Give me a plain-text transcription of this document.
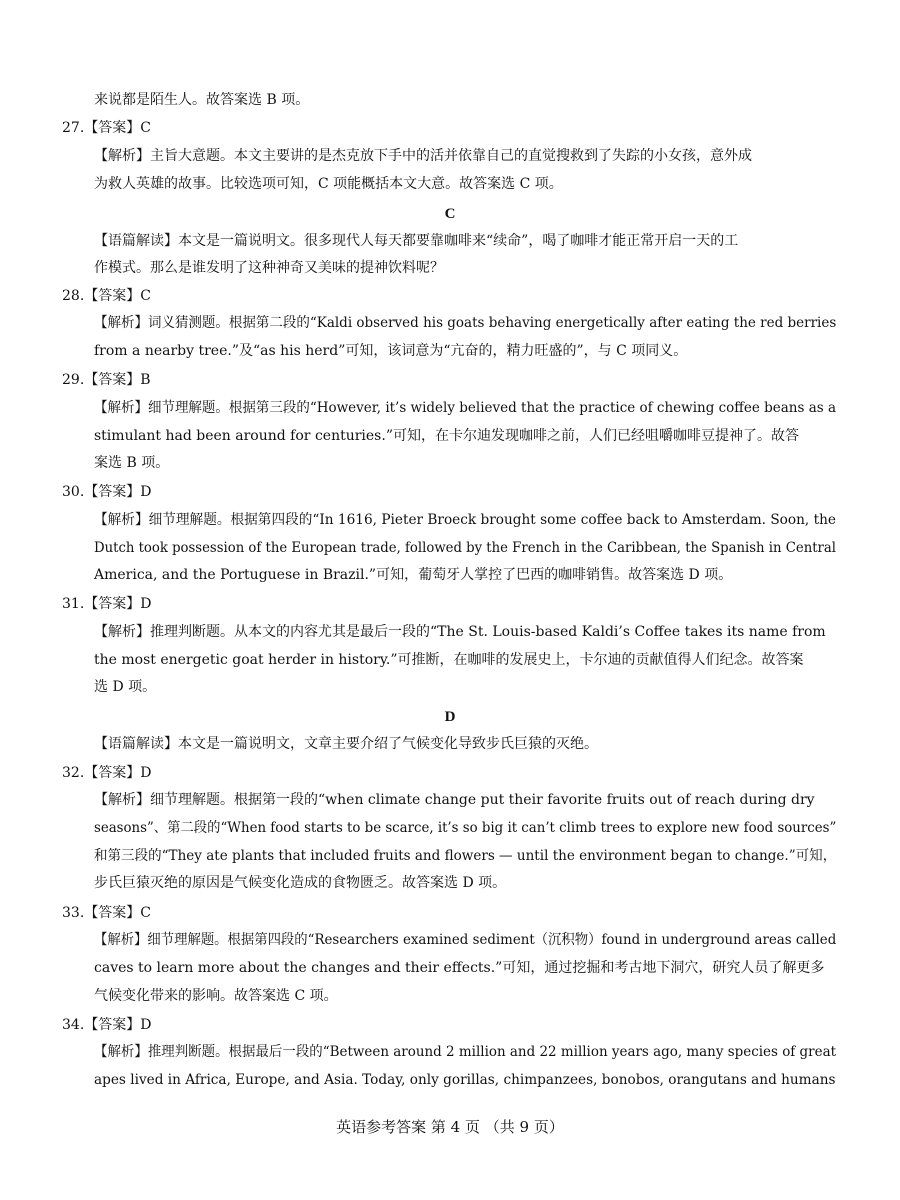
来说都是陌生人。故答案选 B 项。
27.【答案】C
【解析】主旨大意题。本文主要讲的是杰克放下手中的活并依靠自己的直觉搜救到了失踪的小女孩，意外成
为救人英雄的故事。比较选项可知，C 项能概括本文大意。故答案选 C 项。
C
【语篇解读】本文是一篇说明文。很多现代人每天都要靠咖啡来“续命”，喝了咖啡才能正常开启一天的工
作模式。那么是谁发明了这种神奇又美味的提神饮料呢？
28.【答案】C
【解析】词义猜测题。根据第二段的“Kaldi observed his goats behaving energetically after eating the red berries
from a nearby tree.”及“as his herd”可知，该词意为“亢奋的，精力旺盛的”，与 C 项同义。
29.【答案】B
【解析】细节理解题。根据第三段的“However, it’s widely believed that the practice of chewing coffee beans as a
stimulant had been around for centuries.”可知，在卡尔迪发现咖啡之前，人们已经咀嚼咖啡豆提神了。故答
案选 B 项。
30.【答案】D
【解析】细节理解题。根据第四段的“In 1616, Pieter Broeck brought some coffee back to Amsterdam. Soon, the
Dutch took possession of the European trade, followed by the French in the Caribbean, the Spanish in Central
America, and the Portuguese in Brazil.”可知，葡萄牙人掌控了巴西的咖啡销售。故答案选 D 项。
31.【答案】D
【解析】推理判断题。从本文的内容尤其是最后一段的“The St. Louis-based Kaldi’s Coffee takes its name from
the most energetic goat herder in history.”可推断，在咖啡的发展史上，卡尔迪的贡献值得人们纪念。故答案
选 D 项。
D
【语篇解读】本文是一篇说明文，文章主要介绍了气候变化导致步氏巨猿的灭绝。
32.【答案】D
【解析】细节理解题。根据第一段的“when climate change put their favorite fruits out of reach during dry
seasons”、第二段的“When food starts to be scarce, it’s so big it can’t climb trees to explore new food sources”
和第三段的“They ate plants that included fruits and flowers — until the environment began to change.”可知，
步氏巨猿灭绝的原因是气候变化造成的食物匮乏。故答案选 D 项。
33.【答案】C
【解析】细节理解题。根据第四段的“Researchers examined sediment（沉积物）found in underground areas called
caves to learn more about the changes and their effects.”可知，通过挖掘和考古地下洞穴，研究人员了解更多
气候变化带来的影响。故答案选 C 项。
34.【答案】D
【解析】推理判断题。根据最后一段的“Between around 2 million and 22 million years ago, many species of great
apes lived in Africa, Europe, and Asia. Today, only gorillas, chimpanzees, bonobos, orangutans and humans
英语参考答案 第 4 页 （共 9 页）
